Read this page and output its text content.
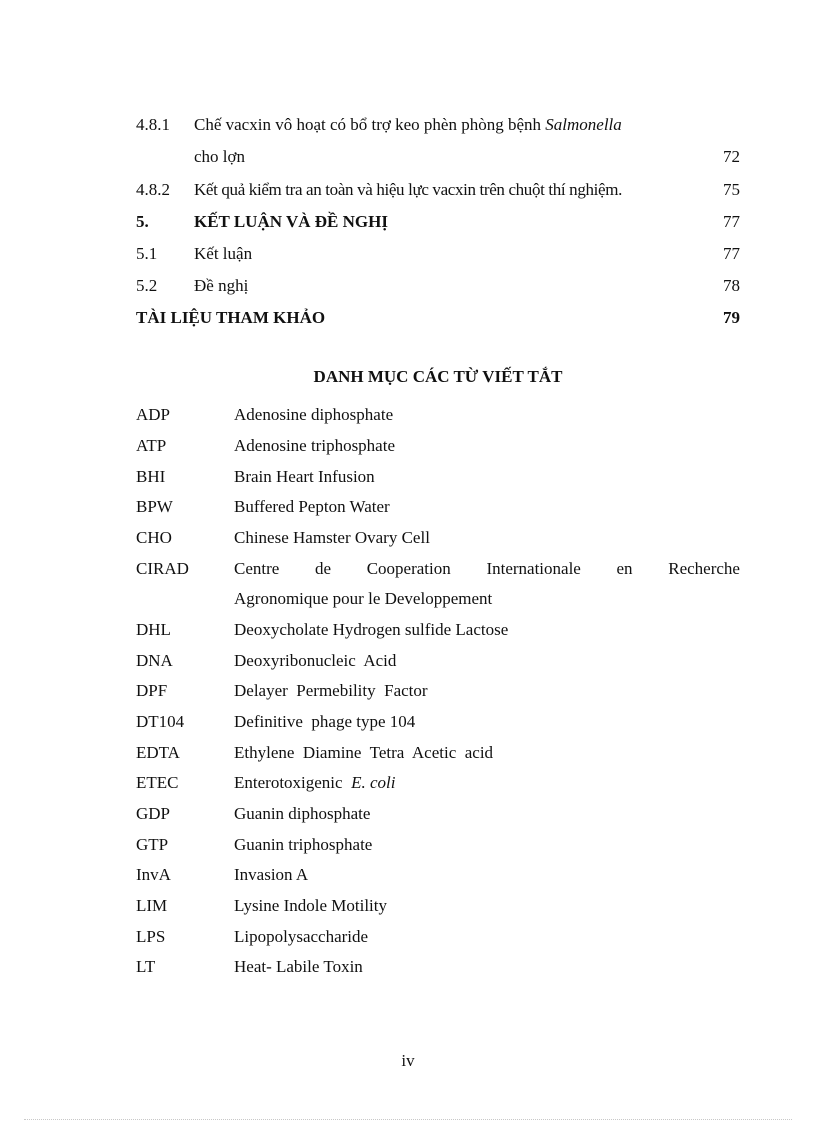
4.8.1 Chế vacxin vô hoạt có bổ trợ keo phèn phòng bệnh Salmonella
cho lợn	72
4.8.2 Kết quả kiểm tra an toàn và hiệu lực vacxin trên chuột thí nghiệm.	75
5.	KẾT LUẬN VÀ ĐỀ NGHỊ	77
5.1 Kết luận	77
5.2 Đề nghị	78
TÀI LIỆU THAM KHẢO	79
DANH MỤC CÁC TỪ VIẾT TẮT
ADP	Adenosine diphosphate
ATP	Adenosine triphosphate
BHI	Brain Heart Infusion
BPW	Buffered Pepton Water
CHO	Chinese Hamster Ovary Cell
CIRAD	Centre de Cooperation Internationale en Recherche
Agronomique pour le Developpement
DHL	Deoxycholate Hydrogen sulfide Lactose
DNA	Deoxyribonucleic  Acid
DPF	Delayer  Permebility  Factor
DT104	Definitive  phage type 104
EDTA	Ethylene  Diamine  Tetra  Acetic  acid
ETEC	Enterotoxigenic  E. coli
GDP	Guanin diphosphate
GTP	Guanin triphosphate
InvA	Invasion A
LIM	Lysine Indole Motility
LPS	Lipopolysaccharide
LT	Heat- Labile Toxin
iv
